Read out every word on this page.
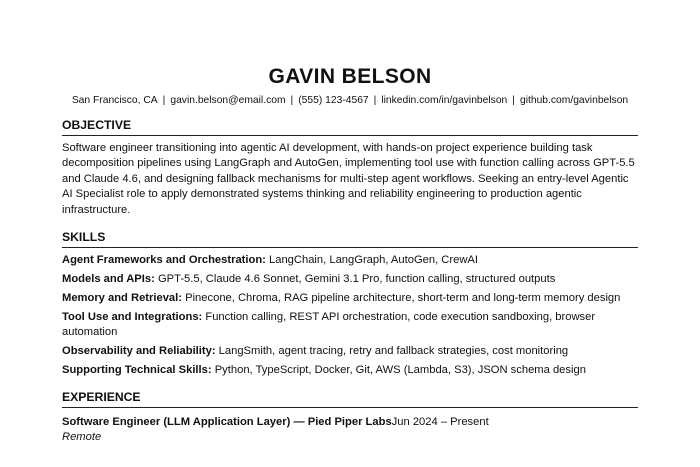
GAVIN BELSON
San Francisco, CA | gavin.belson@email.com | (555) 123-4567 | linkedin.com/in/gavinbelson | github.com/gavinbelson
OBJECTIVE
Software engineer transitioning into agentic AI development, with hands-on project experience building task decomposition pipelines using LangGraph and AutoGen, implementing tool use with function calling across GPT-5.5 and Claude 4.6, and designing fallback mechanisms for multi-step agent workflows. Seeking an entry-level Agentic AI Specialist role to apply demonstrated systems thinking and reliability engineering to production agentic infrastructure.
SKILLS
Agent Frameworks and Orchestration: LangChain, LangGraph, AutoGen, CrewAI
Models and APIs: GPT-5.5, Claude 4.6 Sonnet, Gemini 3.1 Pro, function calling, structured outputs
Memory and Retrieval: Pinecone, Chroma, RAG pipeline architecture, short-term and long-term memory design
Tool Use and Integrations: Function calling, REST API orchestration, code execution sandboxing, browser automation
Observability and Reliability: LangSmith, agent tracing, retry and fallback strategies, cost monitoring
Supporting Technical Skills: Python, TypeScript, Docker, Git, AWS (Lambda, S3), JSON schema design
EXPERIENCE
Software Engineer (LLM Application Layer) — Pied Piper LabsJun 2024 – Present
Remote
